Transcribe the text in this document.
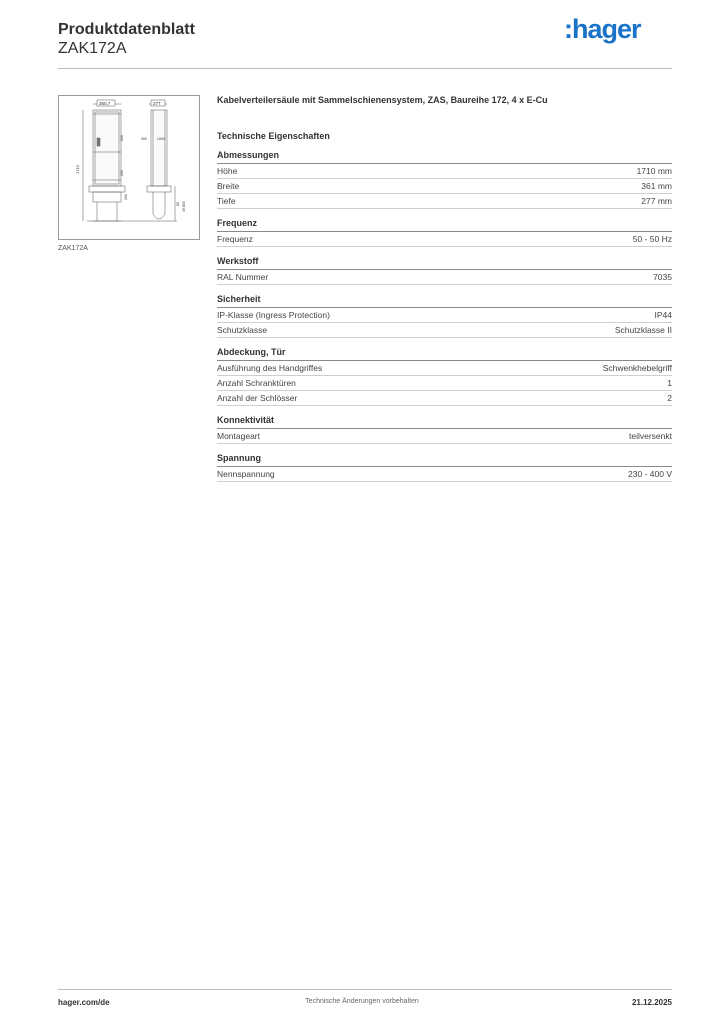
Produktdatenblatt
ZAK172A
:hager
360,7
600
200
1710
200
277
80
300	1000
49,800
ZAK172A
Kabelverteilersäule mit Sammelschienensystem, ZAS, Baureihe 172, 4 x E-Cu
Technische Eigenschaften
Abmessungen
Höhe	1710 mm
Breite	361 mm
Tiefe	277 mm
Frequenz
Frequenz	50 - 50 Hz
Werkstoff
RAL Nummer	7035
Sicherheit
IP-Klasse (Ingress Protection)	IP44
Schutzklasse	Schutzklasse II
Abdeckung, Tür
Ausführung des Handgriffes	Schwenkhebelgriff
Anzahl Schranktüren	1
Anzahl der Schlösser	2
Konnektivität
Montageart	teilversenkt
Spannung
Nennspannung	230 - 400 V
hager.com/de	Technische Änderungen vorbehalten	21.12.2025
